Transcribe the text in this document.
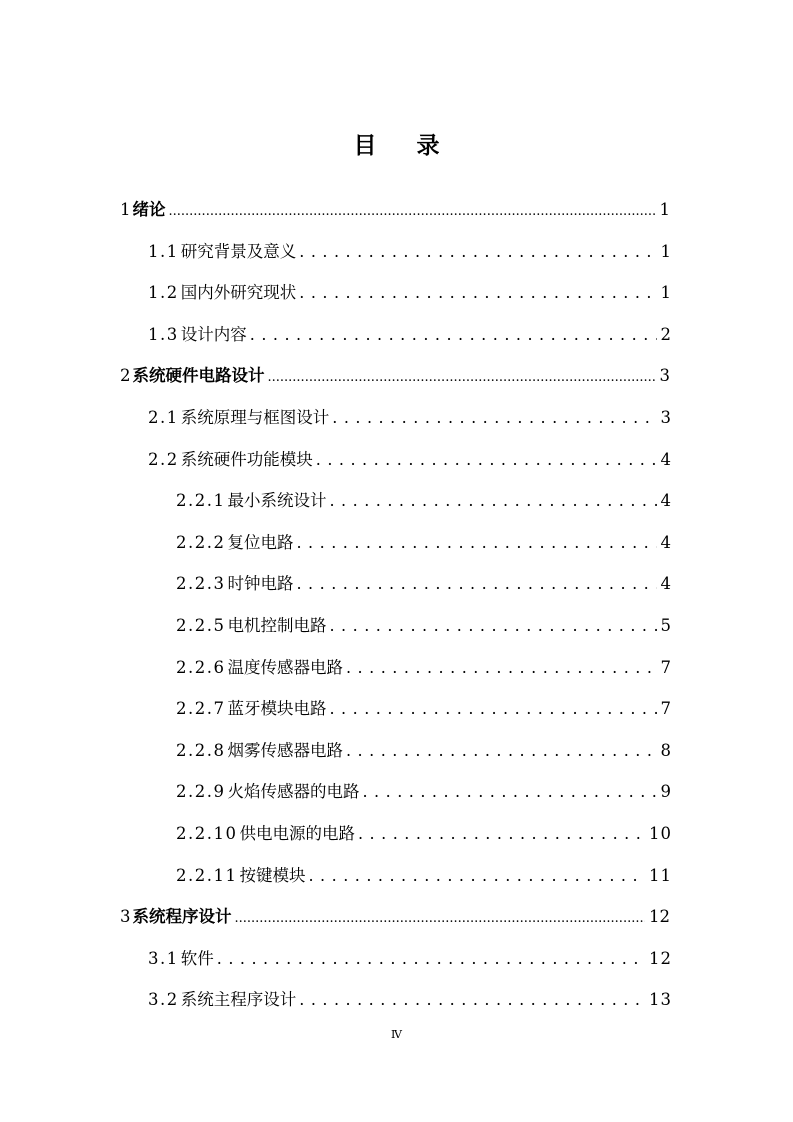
目 录
1 绪论 .....	1
1.1 研究背景及意义 . . .	1
1.2 国内外研究现状 . . .	1
1.3 设计内容 . . .	2
2 系统硬件电路设计 .....	3
2.1 系统原理与框图设计 . . .	3
2.2 系统硬件功能模块 . . .	4
2.2.1 最小系统设计 . . .	4
2.2.2 复位电路 . . .	4
2.2.3 时钟电路 . . .	4
2.2.5 电机控制电路 . . .	5
2.2.6 温度传感器电路 . . .	7
2.2.7 蓝牙模块电路 . . .	7
2.2.8 烟雾传感器电路 . . .	8
2.2.9 火焰传感器的电路 . . .	9
2.2.10 供电电源的电路 . . .	10
2.2.11 按键模块 . . .	11
3 系统程序设计 .....	12
3.1 软件 . . .	12
3.2 系统主程序设计 . . .	13
Ⅳ
